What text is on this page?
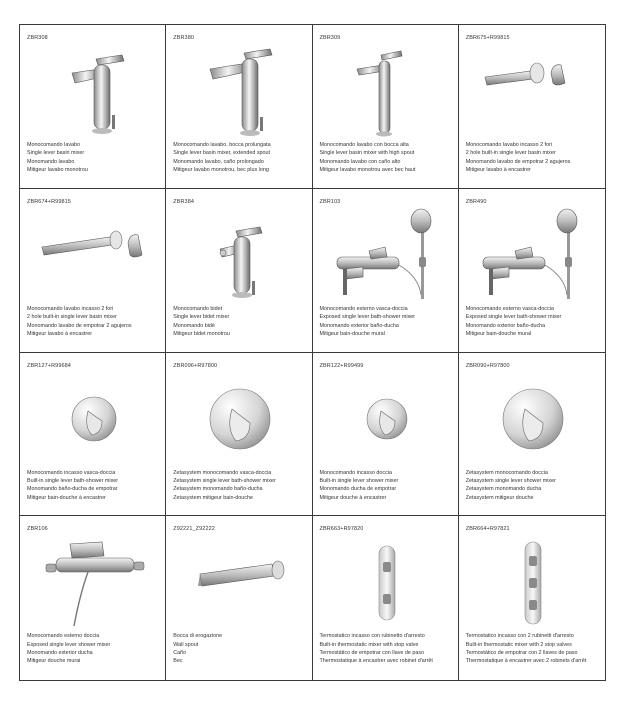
ZBR308
Monocomando lavabo
Single lever basin mixer
Monomando lavabo
Mitigeur lavabo monotrou
ZBR380
Monocomando lavabo, bocca prolungata
Single lever basin mixer, extended spout
Monomando lavabo, caño prolongado
Mitigeur lavabo monotrou, bec plus long
ZBR309
Monocomando lavabo con bocca alta
Single lever basin mixer with high spout
Monomando lavabo con caño alto
Mitigeur lavabo monotrou avec bec haut
ZBR675+R99815
Monocomando lavabo incasso 2 fori
2 hole built-in single lever basin mixer
Monomando lavabo de empotrar 2 agujeros
Mitigeur lavabo à encastrer
ZBR674+R99815
Monocomando lavabo incasso 2 fori
2 hole built-in single lever basin mixer
Monomando lavabo de empotrar 2 agujeros
Mitigeur lavabo à encastrer
ZBR384
Monocomando bidet
Single lever bidet mixer
Monomando bidé
Mitigeur bidet monotrou
ZBR103
Monocomando esterno vasca-doccia
Exposed single lever bath-shower mixer
Monomando exterior baño-ducha
Mitigeur bain-douche mural
ZBR490
Monocomando esterno vasca-doccia
Exposed single lever bath-shower mixer
Monomando exterior baño-ducha
Mitigeur bain-douche mural
ZBR127+R99684
Monocomando incasso vasca-doccia
Built-in single lever bath-shower mixer
Monomando baño-ducha de empotrar
Mitigeur bain-douche à encastrer
ZBR096+R97800
Zetasystem monocomando vasca-doccia
Zetasystem single lever bath-shower mixer
Zetasystem monomando baño-ducha
Zetasystem mitigeur bain-douche
ZBR122+R99499
Monocomando incasso doccia
Built-in single lever shower mixer
Monomando ducha de empotrar
Mitigeur douche à encastrer
ZBR090+R97800
Zetasystem monocomando doccia
Zetasystem single lever shower mixer
Zetasystem monomando ducha
Zetasystem mitigeur douche
ZBR106
Monocomando esterno doccia
Exposed single lever shower mixer
Monomando exterior ducha
Mitigeur douche murai
Z92221_Z92222
Bocca di erogazione
Wall spout
Caño
Bec
ZBR663+R97820
Termostatico incasso con rubinetto d'arresto
Built-in thermostatic mixer with stop valve
Termostático de empotrar con llave de paso
Thermostatique à encastrer avec robinet d'arrêt
ZBR664+R97821
Termostatico incasso con 2 rubinetti d'arresto
Built-in thermostatic mixer with 2 stop valves
Termostático de empotrar con 2 llaves de paso
Thermostatique à encastrer avec 2 robinets d'arrêt
